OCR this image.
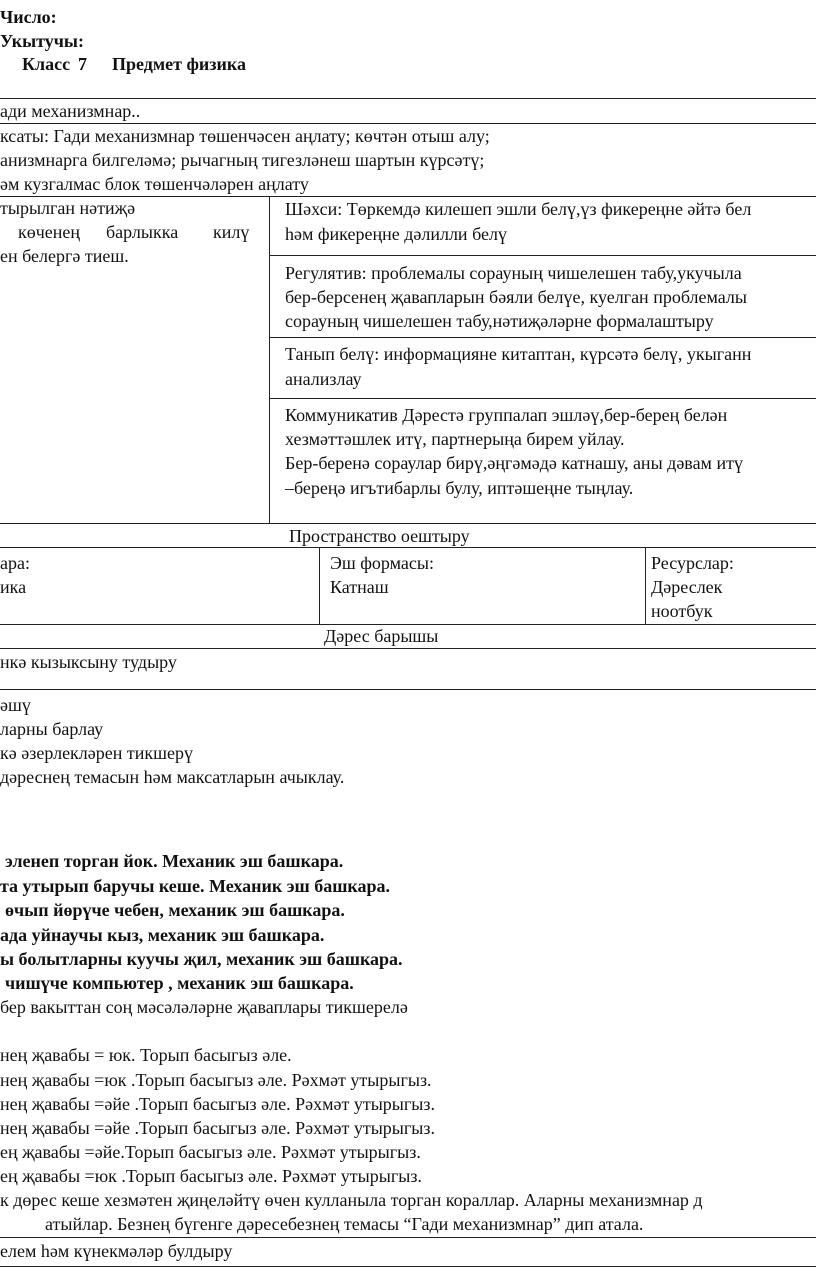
Число:
Укытучы:
Класс 7 Предмет физика
ади механизмнар..
ксаты: Гади механизмнар төшенчәсен аңлату; көчтән отыш алу;
анизмнарга билгеләмә; рычагның тигезләнеш шартын күрсәтү;
әм кузгалмас блок төшенчәләрен аңлату
тырылган нәтиҗә
көченең барлыкка килү
ен белергә тиеш.
Шәхси: Төркемдә килешеп эшли белү,үз фикереңне әйтә бел
һәм фикереңне дәлилли белү
Регулятив: проблемалы сорауның чишелешен табу,укучыла
бер-берсенең җавапларын бәяли белүе, куелган проблемалы
сорауның чишелешен табу,нәтиҗәләрне формалаштыру
Танып белү: информацияне китаптан, күрсәтә белү, укыганн
анализлау
Коммуникатив Дәрестә группалап эшләү,бер-берең белән
хезмәттәшлек итү, партнерыңа бирем уйлау.
Бер-беренә сораулар бирү,әңгәмәдә катнашу, аны дәвам итү
–береңә игътибарлы булу, иптәшеңне тыңлау.
Пространство оештыру
ара:
ика
Эш формасы:
Катнаш
Ресурслар:
Дәреслек
ноотбук
Дәрес барышы
нкә кызыксыну тудыру
әшү
ларны барлау
кә әзерлекләрен тикшерү
дәреснең темасын һәм максатларын ачыклау.
эленеп торган йок. Механик эш башкара.
та утырып баручы кеше. Механик эш башкара.
өчып йөрүче чебен, механик эш башкара.
ада уйнаучы кыз, механик эш башкара.
ы болытларны куучы җил, механик эш башкара.
чишүче компьютер , механик эш башкара.
бер вакыттан соң мәсәләләрне җаваплары тикшерелә
нең җавабы = юк. Торып басыгыз әле.
нең җавабы =юк .Торып басыгыз әле. Рәхмәт утырыгыз.
нең җавабы =әйе .Торып басыгыз әле. Рәхмәт утырыгыз.
нең җавабы =әйе .Торып басыгыз әле. Рәхмәт утырыгыз.
ең җавабы =әйе.Торып басыгыз әле. Рәхмәт утырыгыз.
ең җавабы =юк .Торып басыгыз әле. Рәхмәт утырыгыз.
к дөрес кеше хезмәтен җиңеләйтү өчен кулланыла торган кораллар. Аларны механизмнар д
атыйлар. Безнең бүгенге дәресебезнең темасы “Гади механизмнар” дип атала.
елем һәм күнекмәләр булдыру
